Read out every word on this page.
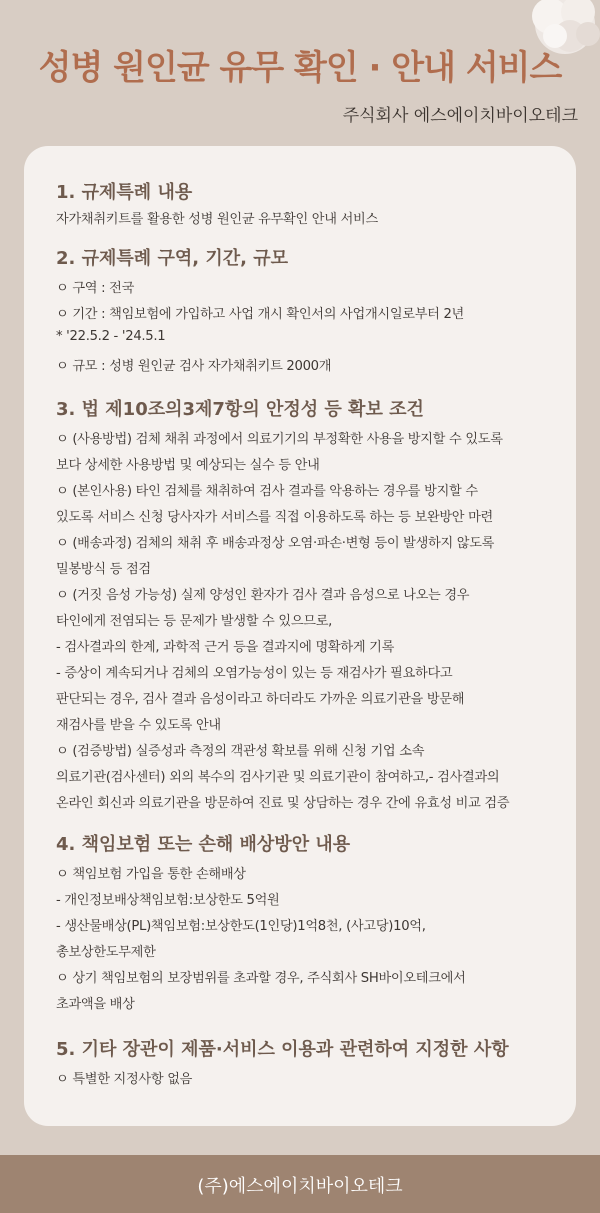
성병 원인균 유무 확인 · 안내 서비스
주식회사 에스에이치바이오테크
1. 규제특례 내용
자가채취키트를 활용한 성병 원인균 유무확인 안내 서비스
2. 규제특례 구역, 기간, 규모
ㅇ 구역 : 전국
ㅇ 기간 : 책임보험에 가입하고 사업 개시 확인서의 사업개시일로부터 2년
* '22.5.2 - '24.5.1
ㅇ 규모 : 성병 원인균 검사 자가채취키트 2000개
3. 법 제10조의3제7항의 안정성 등 확보 조건
ㅇ (사용방법) 검체 채취 과정에서 의료기기의 부정확한 사용을 방지할 수 있도록
보다 상세한 사용방법 및 예상되는 실수 등 안내
ㅇ (본인사용) 타인 검체를 채취하여 검사 결과를 악용하는 경우를 방지할 수
있도록 서비스 신청 당사자가 서비스를 직접 이용하도록 하는 등 보완방안 마련
ㅇ (배송과정) 검체의 채취 후 배송과정상 오염·파손·변형 등이 발생하지 않도록
밀봉방식 등 점검
ㅇ (거짓 음성 가능성) 실제 양성인 환자가 검사 결과 음성으로 나오는 경우
타인에게 전염되는 등 문제가 발생할 수 있으므로,
- 검사결과의 한계, 과학적 근거 등을 결과지에 명확하게 기록
- 증상이 계속되거나 검체의 오염가능성이 있는 등 재검사가 필요하다고
판단되는 경우, 검사 결과 음성이라고 하더라도 가까운 의료기관을 방문해
재검사를 받을 수 있도록 안내
ㅇ (검증방법) 실증성과 측정의 객관성 확보를 위해 신청 기업 소속
의료기관(검사센터) 외의 복수의 검사기관 및 의료기관이 참여하고,- 검사결과의
온라인 회신과 의료기관을 방문하여 진료 및 상담하는 경우 간에 유효성 비교 검증
4. 책임보험 또는 손해 배상방안 내용
ㅇ 책임보험 가입을 통한 손해배상
- 개인정보배상책임보험:보상한도 5억원
- 생산물배상(PL)책임보험:보상한도(1인당)1억8천, (사고당)10억,
총보상한도무제한
ㅇ 상기 책임보험의 보장범위를 초과할 경우, 주식회사 SH바이오테크에서
초과액을 배상
5. 기타 장관이 제품·서비스 이용과 관련하여 지정한 사항
ㅇ 특별한 지정사항 없음
(주)에스에이치바이오테크
